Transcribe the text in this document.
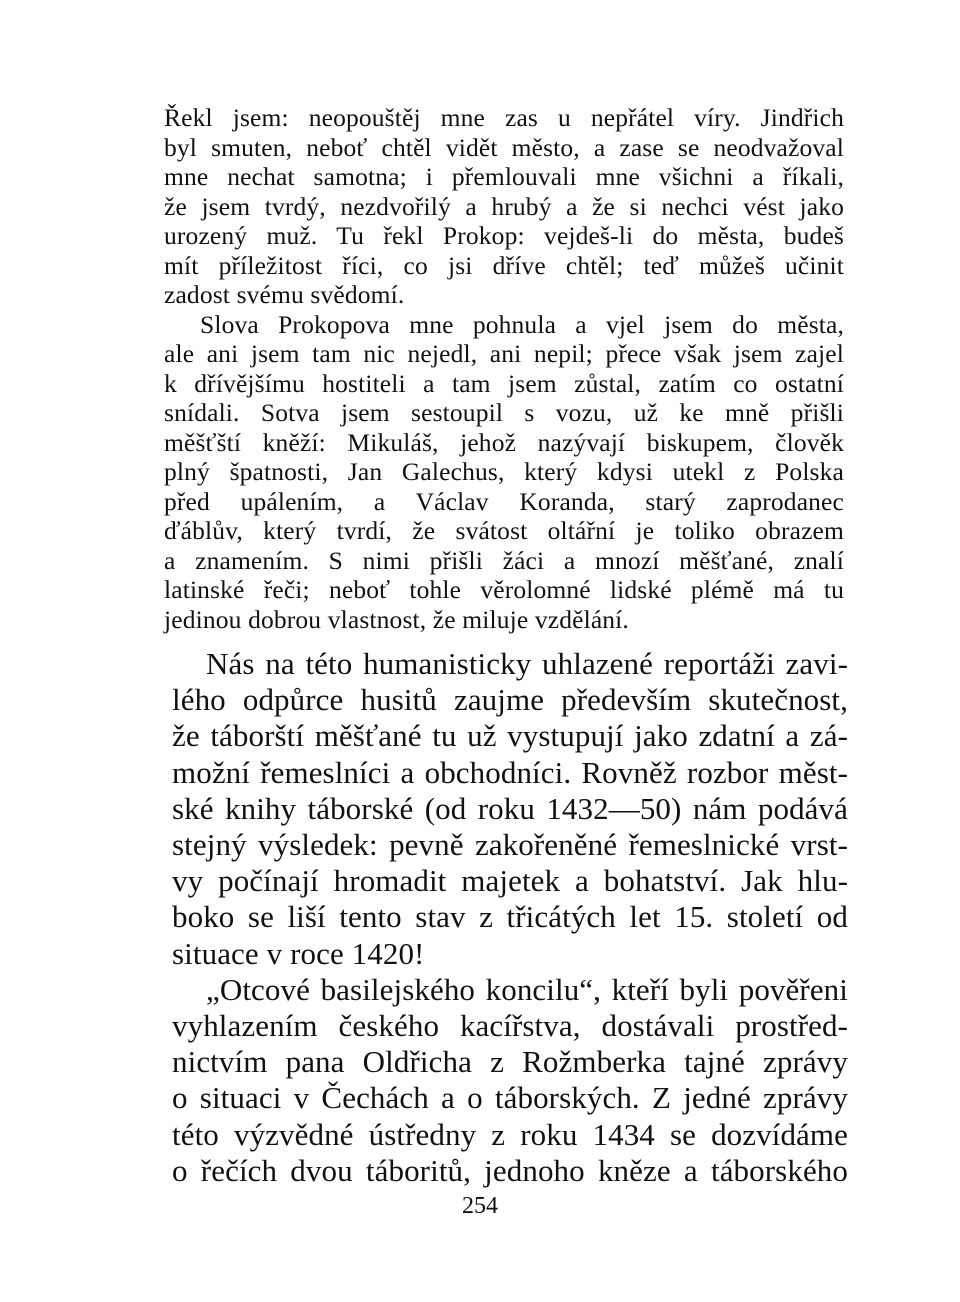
Řekl jsem: neopouštěj mne zas u nepřátel víry. Jindřich
byl smuten, neboť chtěl vidět město, a zase se neodvažoval
mne nechat samotna; i přemlouvali mne všichni a říkali,
že jsem tvrdý, nezdvořilý a hrubý a že si nechci vést jako
urozený muž. Tu řekl Prokop: vejdeš-li do města, budeš
mít příležitost říci, co jsi dříve chtěl; teď můžeš učinit
zadost svému svědomí.
Slova Prokopova mne pohnula a vjel jsem do města,
ale ani jsem tam nic nejedl, ani nepil; přece však jsem zajel
k dřívějšímu hostiteli a tam jsem zůstal, zatím co ostatní
snídali. Sotva jsem sestoupil s vozu, už ke mně přišli
měšťští kněží: Mikuláš, jehož nazývají biskupem, člověk
plný špatnosti, Jan Galechus, který kdysi utekl z Polska
před upálením, a Václav Koranda, starý zaprodanec
ďáblův, který tvrdí, že svátost oltářní je toliko obrazem
a znamením. S nimi přišli žáci a mnozí měšťané, znalí
latinské řeči; neboť tohle věrolomné lidské plémě má tu
jedinou dobrou vlastnost, že miluje vzdělání.
Nás na této humanisticky uhlazené reportáži zavi-
lého odpůrce husitů zaujme především skutečnost,
že táborští měšťané tu už vystupují jako zdatní a zá-
možní řemeslníci a obchodníci. Rovněž rozbor měst-
ské knihy táborské (od roku 1432—50) nám podává
stejný výsledek: pevně zakořeněné řemeslnické vrst-
vy počínají hromadit majetek a bohatství. Jak hlu-
boko se liší tento stav z třicátých let 15. století od
situace v roce 1420!
„Otcové basilejského koncilu“, kteří byli pověřeni
vyhlazením českého kacířstva, dostávali prostřed-
nictvím pana Oldřicha z Rožmberka tajné zprávy
o situaci v Čechách a o táborských. Z jedné zprávy
této výzvědné ústředny z roku 1434 se dozvídáme
o řečích dvou táboritů, jednoho kněze a táborského
254
